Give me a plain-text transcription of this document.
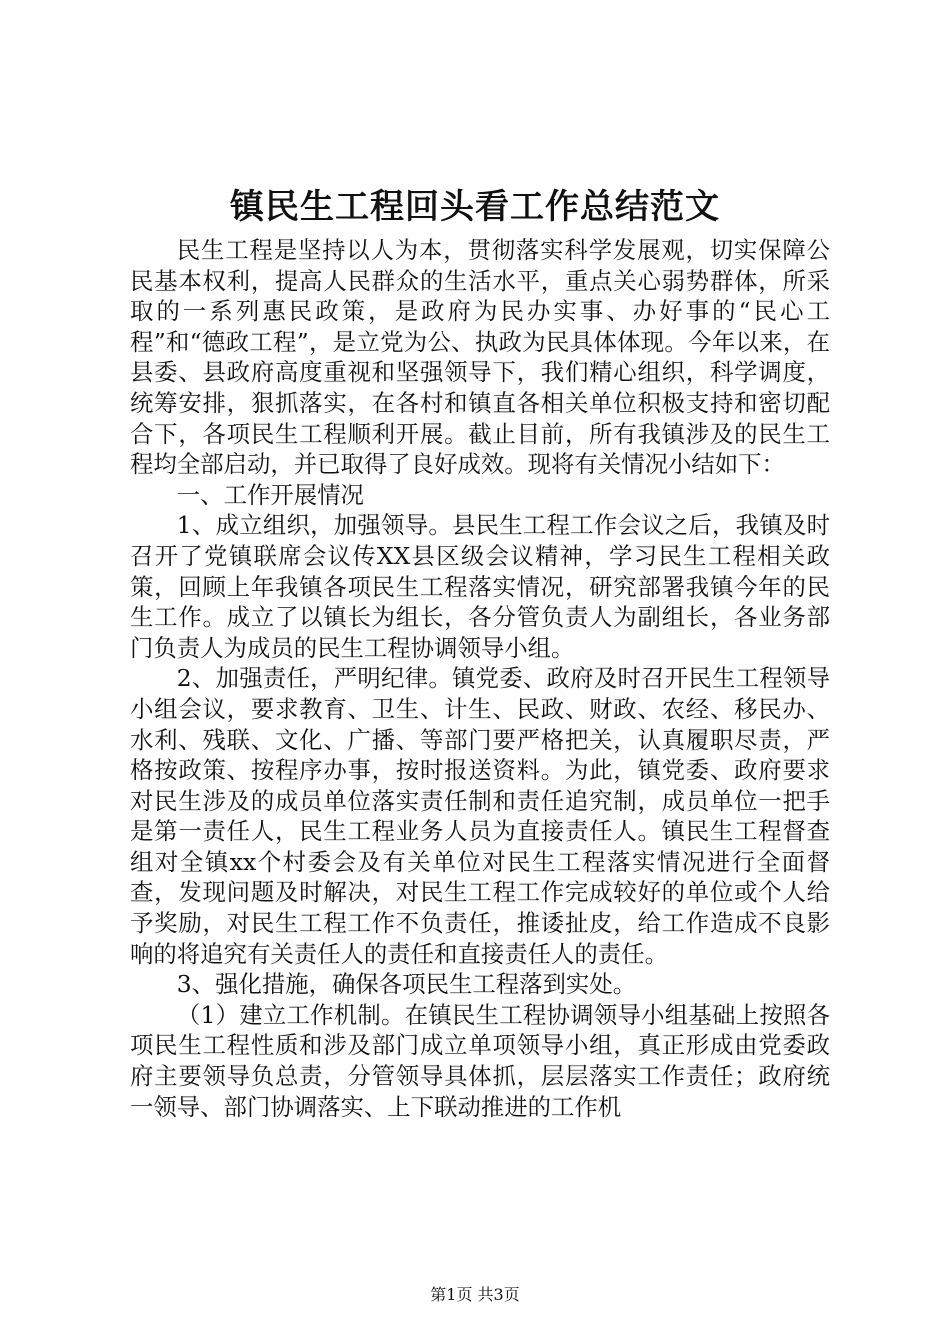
镇民生工程回头看工作总结范文

民生工程是坚持以人为本，贯彻落实科学发展观，切实保障公民基本权利，提高人民群众的生活水平，重点关心弱势群体，所采取的一系列惠民政策，是政府为民办实事、办好事的“民心工程”和“德政工程”，是立党为公、执政为民具体体现。今年以来，在县委、县政府高度重视和坚强领导下，我们精心组织，科学调度，统筹安排，狠抓落实，在各村和镇直各相关单位积极支持和密切配合下，各项民生工程顺利开展。截止目前，所有我镇涉及的民生工程均全部启动，并已取得了良好成效。现将有关情况小结如下：

一、工作开展情况

1、成立组织，加强领导。县民生工程工作会议之后，我镇及时召开了党镇联席会议传XX县区级会议精神，学习民生工程相关政策，回顾上年我镇各项民生工程落实情况，研究部署我镇今年的民生工作。成立了以镇长为组长，各分管负责人为副组长，各业务部门负责人为成员的民生工程协调领导小组。

2、加强责任，严明纪律。镇党委、政府及时召开民生工程领导小组会议，要求教育、卫生、计生、民政、财政、农经、移民办、水利、残联、文化、广播、等部门要严格把关，认真履职尽责，严格按政策、按程序办事，按时报送资料。为此，镇党委、政府要求对民生涉及的成员单位落实责任制和责任追究制，成员单位一把手是第一责任人，民生工程业务人员为直接责任人。镇民生工程督查组对全镇xx个村委会及有关单位对民生工程落实情况进行全面督查，发现问题及时解决，对民生工程工作完成较好的单位或个人给予奖励，对民生工程工作不负责任，推诿扯皮，给工作造成不良影响的将追究有关责任人的责任和直接责任人的责任。

3、强化措施，确保各项民生工程落到实处。

（1）建立工作机制。在镇民生工程协调领导小组基础上按照各项民生工程性质和涉及部门成立单项领导小组，真正形成由党委政府主要领导负总责，分管领导具体抓，层层落实工作责任；政府统一领导、部门协调落实、上下联动推进的工作机

第1页 共3页
